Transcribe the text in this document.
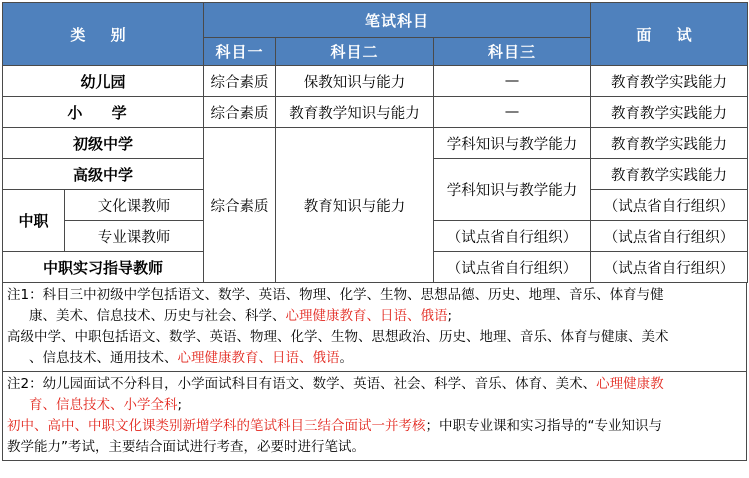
类 别		笔试科目			面 试
		科目一	科目二	科目三	
幼儿园		综合素质	保教知识与能力	—	教育教学实践能力
小 学		综合素质	教育教学知识与能力	—	教育教学实践能力
初级中学		综合素质	教育知识与能力	学科知识与教学能力	教育教学实践能力
高级中学				学科知识与教学能力	教育教学实践能力
中职	文化课教师				（试点省自行组织）
	专业课教师			（试点省自行组织）	（试点省自行组织）
中职实习指导教师				（试点省自行组织）	（试点省自行组织）

注1：科目三中初级中学包括语文、数学、英语、物理、化学、生物、思想品德、历史、地理、音乐、体育与健

康、美术、信息技术、历史与社会、科学、心理健康教育、日语、俄语;

高级中学、中职包括语文、数学、英语、物理、化学、生物、思想政治、历史、地理、音乐、体育与健康、美术

、信息技术、通用技术、心理健康教育、日语、俄语。

注2：幼儿园面试不分科目，小学面试科目有语文、数学、英语、社会、科学、音乐、体育、美术、心理健康教

育、信息技术、小学全科;

初中、高中、中职文化课类别新增学科的笔试科目三结合面试一并考核；中职专业课和实习指导的“专业知识与

教学能力”考试，主要结合面试进行考查，必要时进行笔试。
